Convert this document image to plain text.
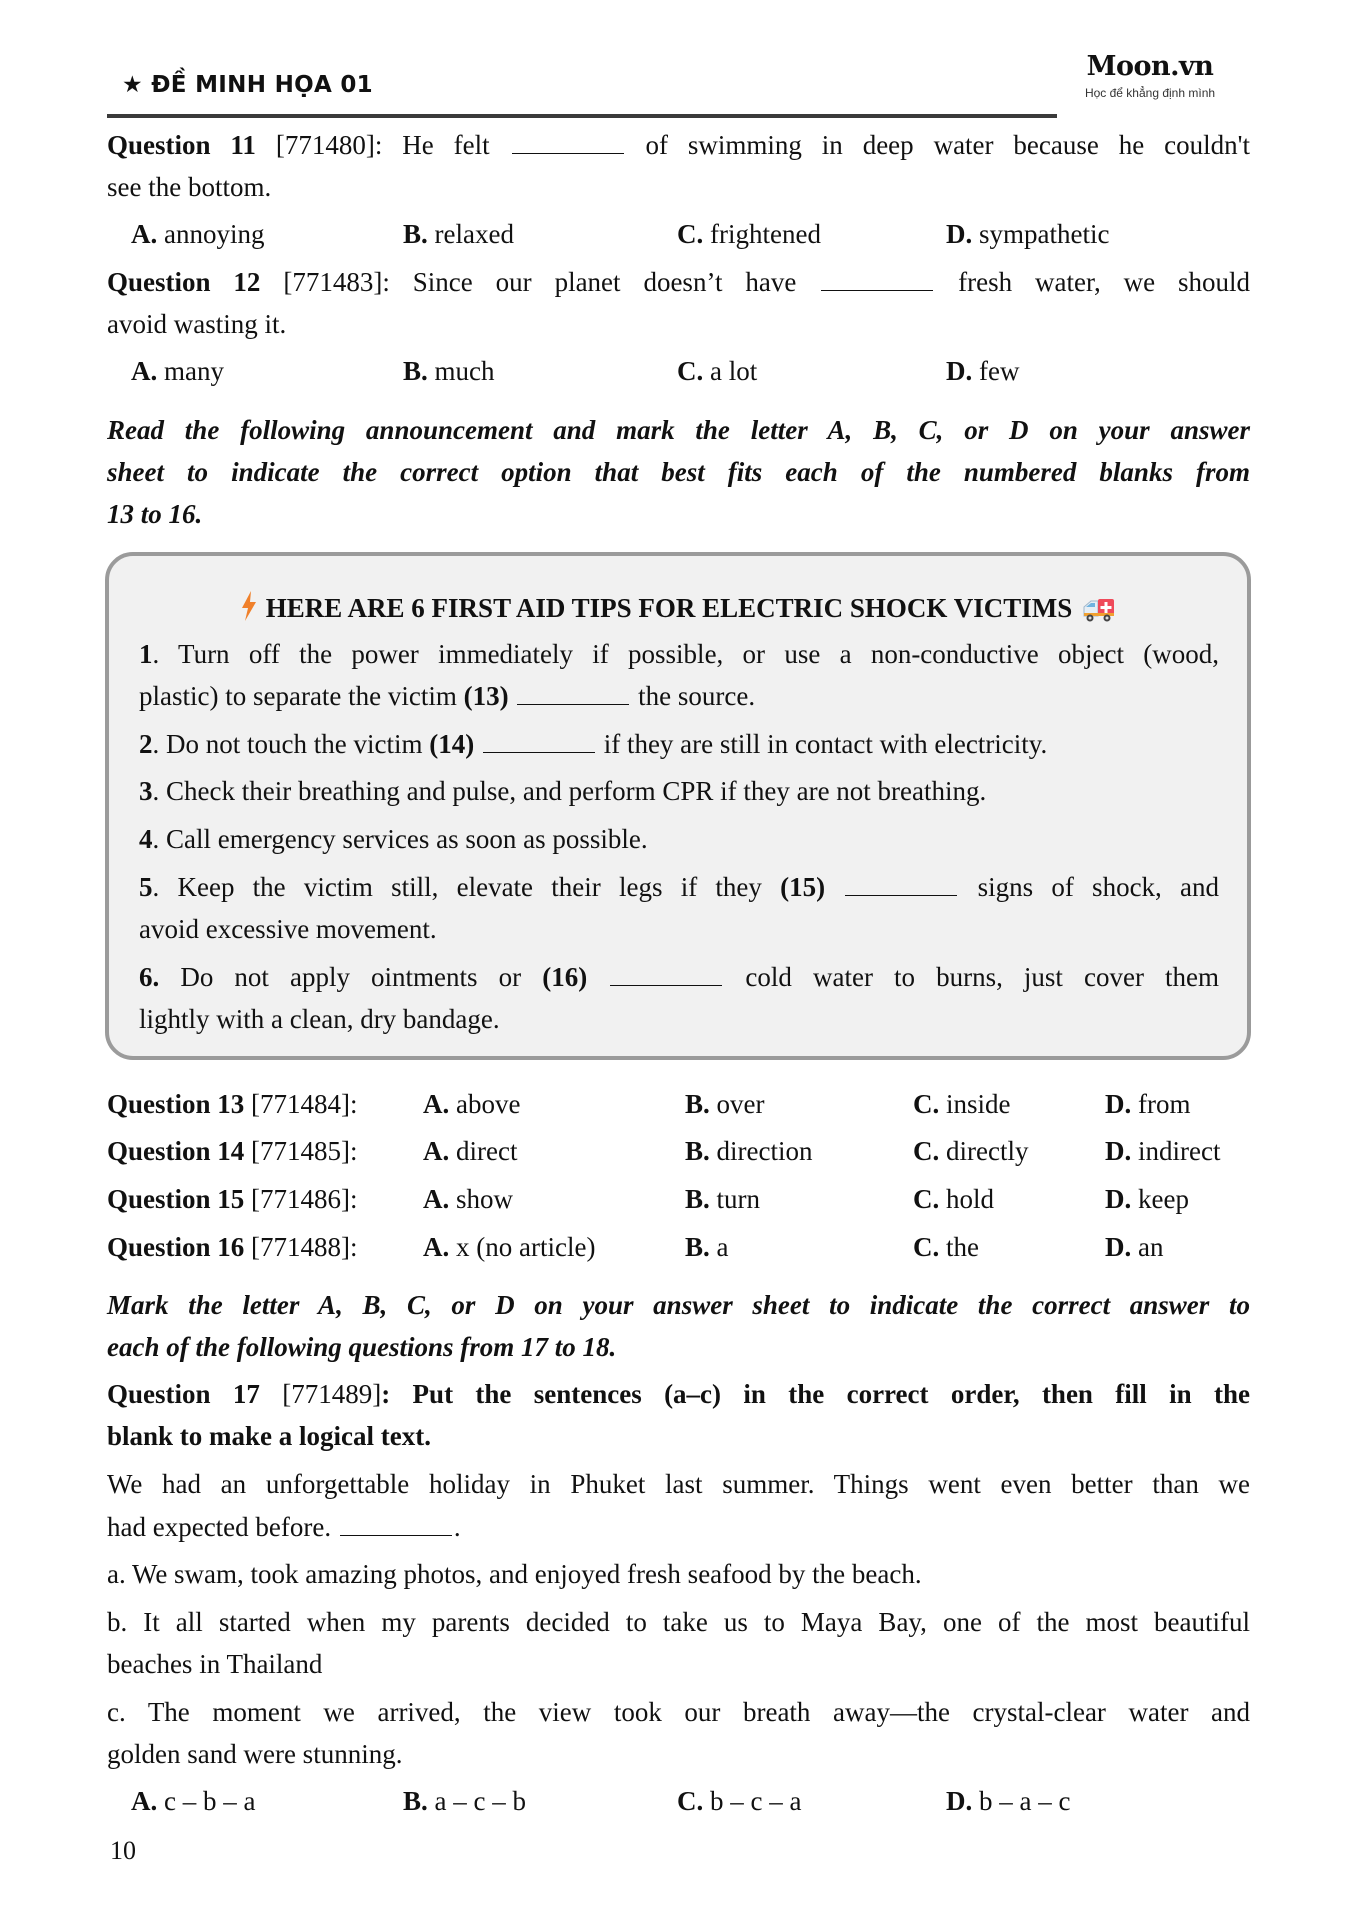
★ ĐỀ MINH HỌA 01
Moon.vn
Học để khẳng định mình
Question 11 [771480]: He felt	of swimming in deep water because he couldn't
see the bottom.
A. annoying	B. relaxed	C. frightened	D. sympathetic
Question 12 [771483]: Since our planet doesn’t have	fresh water, we should
avoid wasting it.
A. many	B. much	C. a lot	D. few
Read the following announcement and mark the letter A, B, C, or D on your answer
sheet to indicate the correct option that best fits each of the numbered blanks from
13 to 16.
HERE ARE 6 FIRST AID TIPS FOR ELECTRIC SHOCK VICTIMS
1. Turn off the power immediately if possible, or use a non-conductive object (wood,
plastic) to separate the victim (13)	the source.
2. Do not touch the victim (14)	if they are still in contact with electricity.
3. Check their breathing and pulse, and perform CPR if they are not breathing.
4. Call emergency services as soon as possible.
5. Keep the victim still, elevate their legs if they (15)	signs of shock, and
avoid excessive movement.
6. Do not apply ointments or (16)	cold water to burns, just cover them
lightly with a clean, dry bandage.
Question 13 [771484]: A. above	B. over	C. inside	D. from
Question 14 [771485]: A. direct	B. direction	C. directly	D. indirect
Question 15 [771486]: A. show	B. turn	C. hold	D. keep
Question 16 [771488]: A. x (no article)	B. a	C. the	D. an
Mark the letter A, B, C, or D on your answer sheet to indicate the correct answer to
each of the following questions from 17 to 18.
Question 17 [771489]: Put the sentences (a–c) in the correct order, then fill in the
blank to make a logical text.
We had an unforgettable holiday in Phuket last summer. Things went even better than we
had expected before.	.
a. We swam, took amazing photos, and enjoyed fresh seafood by the beach.
b. It all started when my parents decided to take us to Maya Bay, one of the most beautiful
beaches in Thailand
c. The moment we arrived, the view took our breath away—the crystal-clear water and
golden sand were stunning.
A. c – b – a	B. a – c – b	C. b – c – a	D. b – a – c
10
